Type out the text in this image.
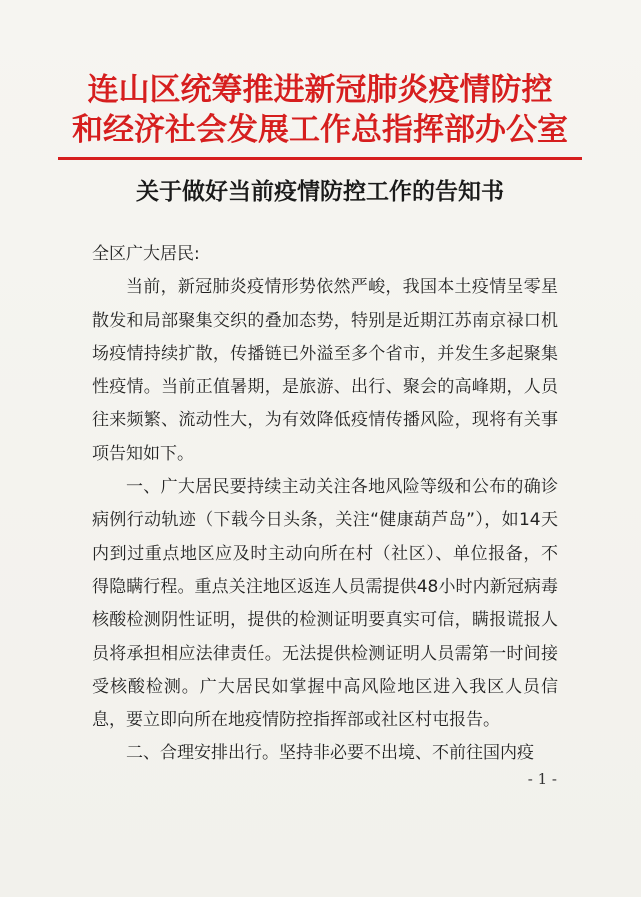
连山区统筹推进新冠肺炎疫情防控
和经济社会发展工作总指挥部办公室
关于做好当前疫情防控工作的告知书

全区广大居民:

当前，新冠肺炎疫情形势依然严峻，我国本土疫情呈零星散发和局部聚集交织的叠加态势，特别是近期江苏南京禄口机场疫情持续扩散，传播链已外溢至多个省市，并发生多起聚集性疫情。当前正值暑期，是旅游、出行、聚会的高峰期，人员往来频繁、流动性大，为有效降低疫情传播风险，现将有关事项告知如下。

一、广大居民要持续主动关注各地风险等级和公布的确诊病例行动轨迹（下载今日头条，关注“健康葫芦岛”），如14天内到过重点地区应及时主动向所在村（社区）、单位报备，不得隐瞒行程。重点关注地区返连人员需提供48小时内新冠病毒核酸检测阴性证明，提供的检测证明要真实可信，瞒报谎报人员将承担相应法律责任。无法提供检测证明人员需第一时间接受核酸检测。广大居民如掌握中高风险地区进入我区人员信息，要立即向所在地疫情防控指挥部或社区村屯报告。

二、合理安排出行。坚持非必要不出境、不前往国内疫

- 1 -
